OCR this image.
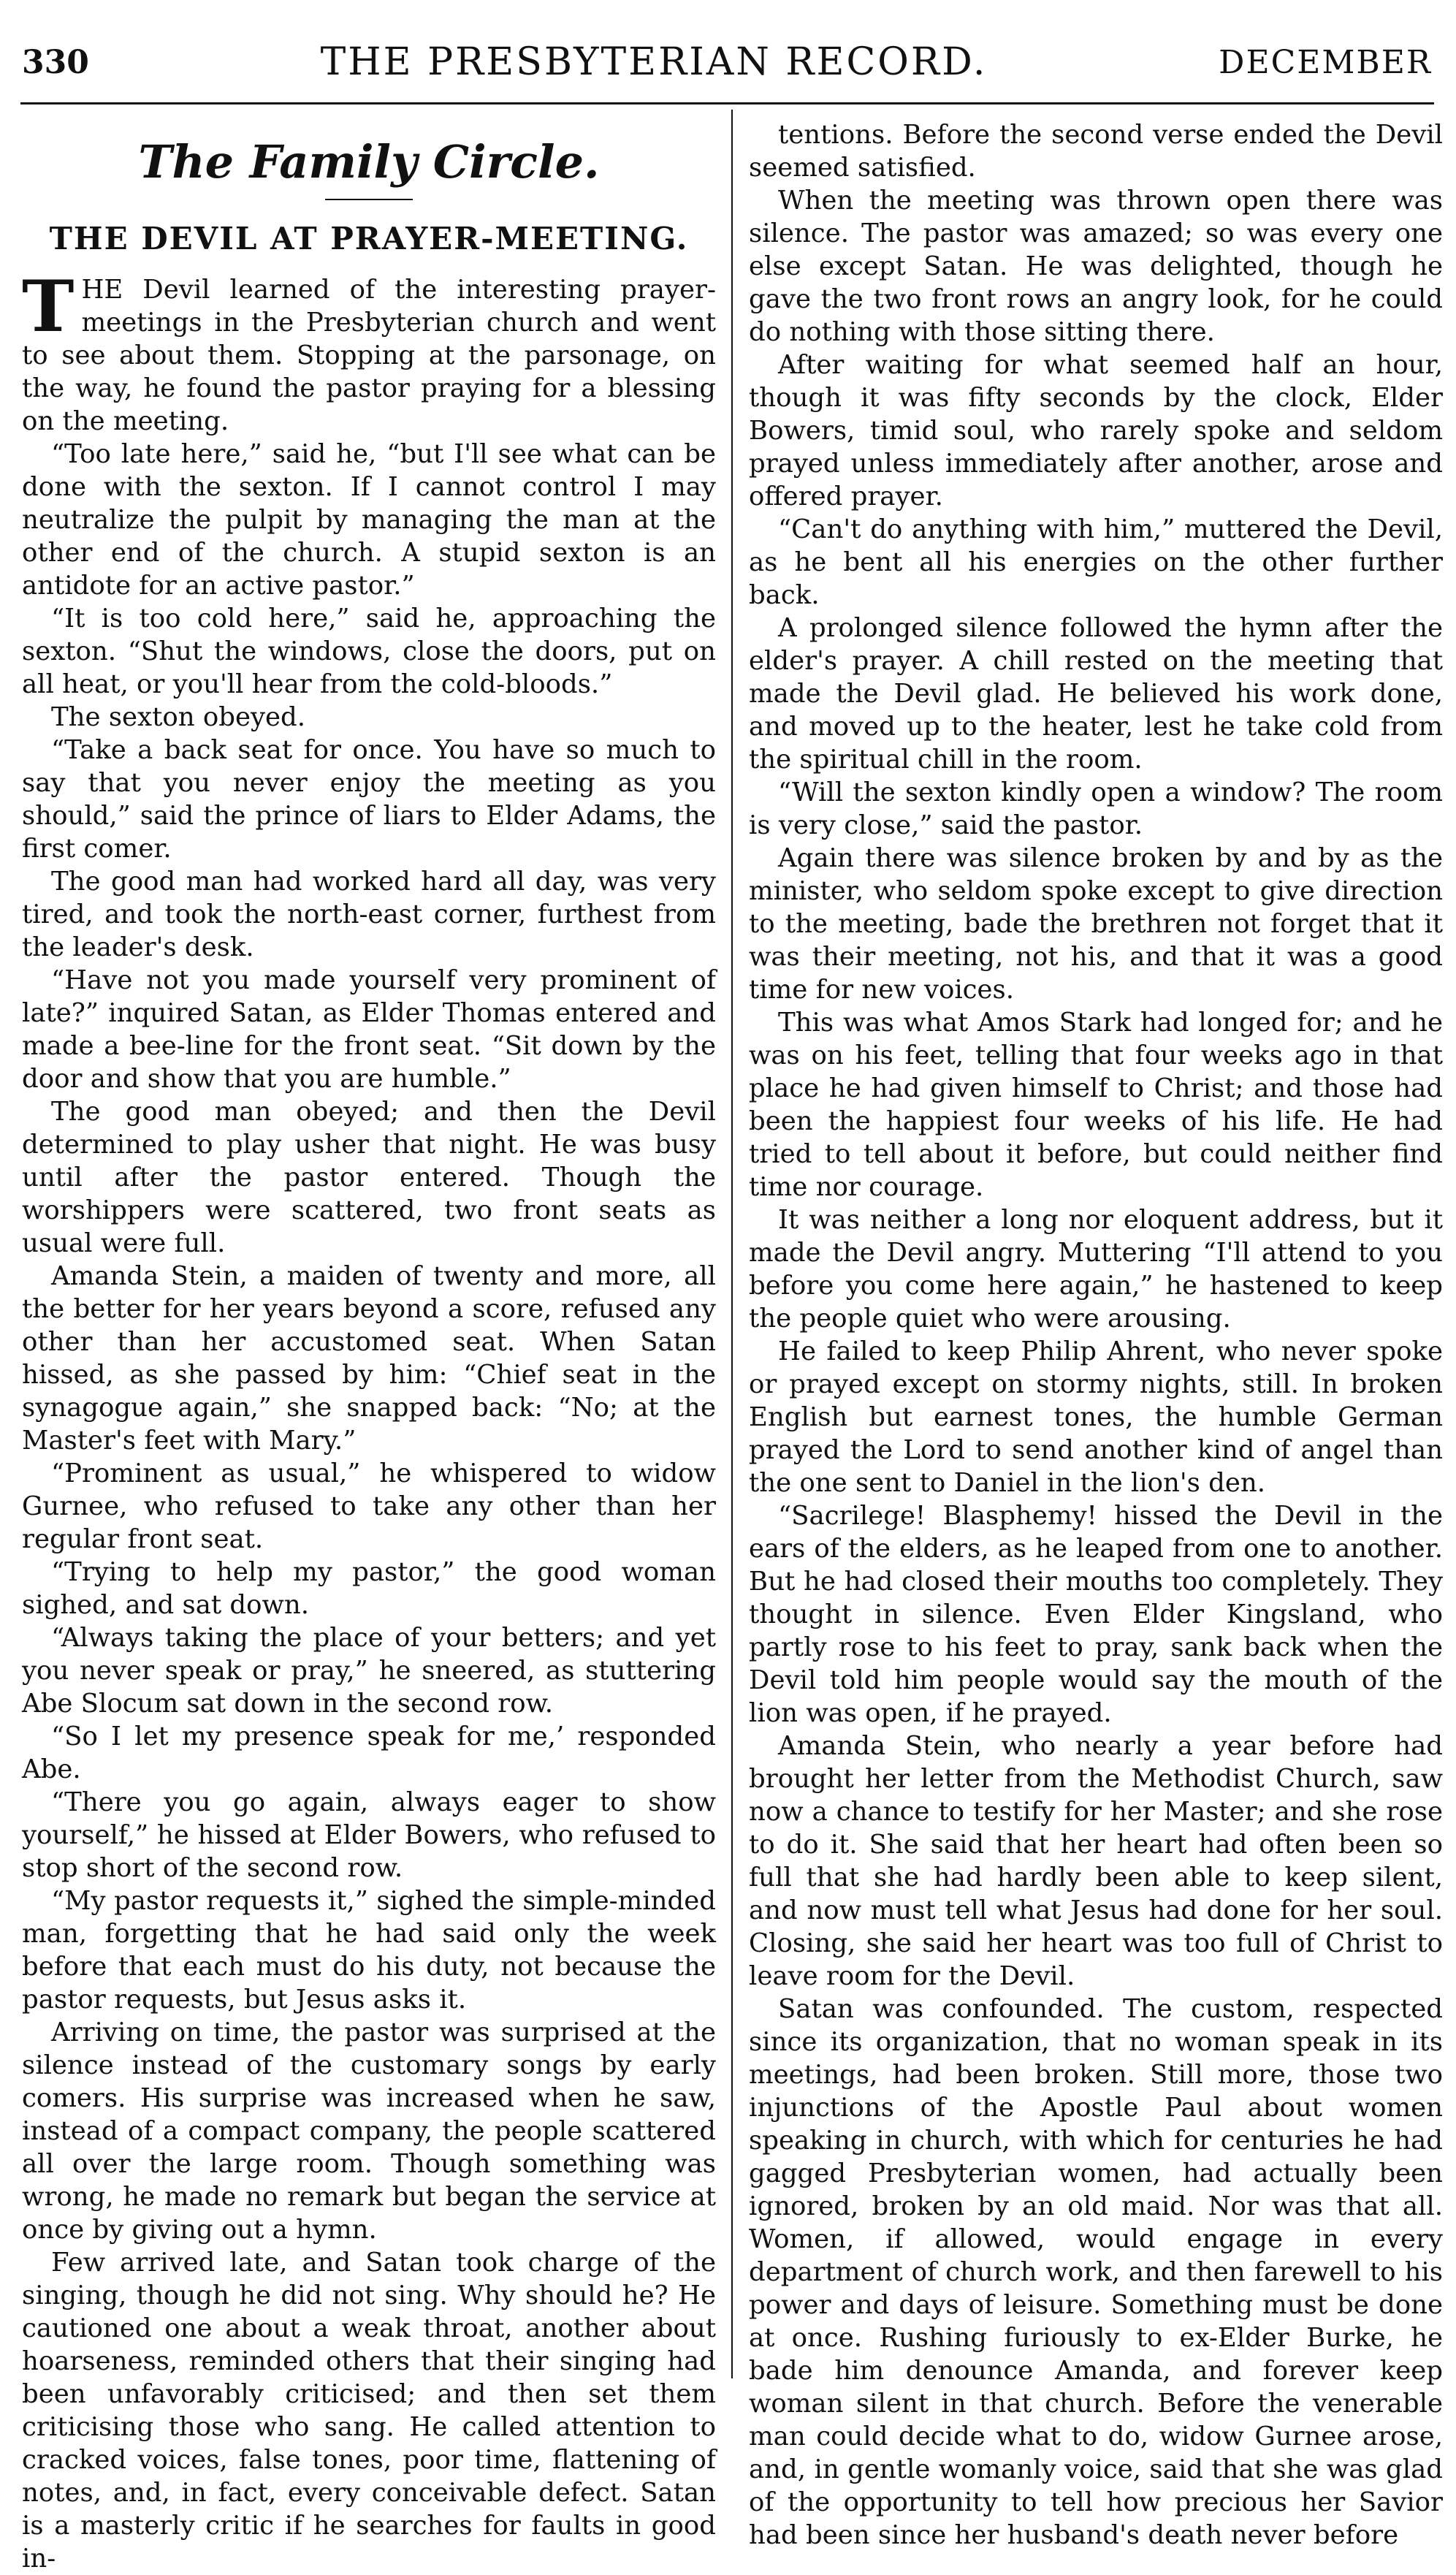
330	THE PRESBYTERIAN RECORD.	DECEMBER
The Family Circle.
THE DEVIL AT PRAYER-MEETING.

THE Devil learned of the interesting prayer-meetings in the Presbyterian church and went to see about them. Stopping at the parsonage, on the way, he found the pastor praying for a blessing on the meeting.

“Too late here,” said he, “but I'll see what can be done with the sexton. If I cannot control I may neutralize the pulpit by managing the man at the other end of the church. A stupid sexton is an antidote for an active pastor.”

“It is too cold here,” said he, approaching the sexton. “Shut the windows, close the doors, put on all heat, or you'll hear from the cold-bloods.”

The sexton obeyed.

“Take a back seat for once. You have so much to say that you never enjoy the meeting as you should,” said the prince of liars to Elder Adams, the first comer.

The good man had worked hard all day, was very tired, and took the north-east corner, furthest from the leader's desk.

“Have not you made yourself very prominent of late?” inquired Satan, as Elder Thomas entered and made a bee-line for the front seat. “Sit down by the door and show that you are humble.”

The good man obeyed; and then the Devil determined to play usher that night. He was busy until after the pastor entered. Though the worshippers were scattered, two front seats as usual were full.

Amanda Stein, a maiden of twenty and more, all the better for her years beyond a score, refused any other than her accustomed seat. When Satan hissed, as she passed by him: “Chief seat in the synagogue again,” she snapped back: “No; at the Master's feet with Mary.”

“Prominent as usual,” he whispered to widow Gurnee, who refused to take any other than her regular front seat.

“Trying to help my pastor,” the good woman sighed, and sat down.

“Always taking the place of your betters; and yet you never speak or pray,” he sneered, as stuttering Abe Slocum sat down in the second row.

“So I let my presence speak for me,’ responded Abe.

“There you go again, always eager to show yourself,” he hissed at Elder Bowers, who refused to stop short of the second row.

“My pastor requests it,” sighed the simple-minded man, forgetting that he had said only the week before that each must do his duty, not because the pastor requests, but Jesus asks it.

Arriving on time, the pastor was surprised at the silence instead of the customary songs by early comers. His surprise was increased when he saw, instead of a compact company, the people scattered all over the large room. Though something was wrong, he made no remark but began the service at once by giving out a hymn.

Few arrived late, and Satan took charge of the singing, though he did not sing. Why should he? He cautioned one about a weak throat, another about hoarseness, reminded others that their singing had been unfavorably criticised; and then set them criticising those who sang. He called attention to cracked voices, false tones, poor time, flattening of notes, and, in fact, every conceivable defect. Satan is a masterly critic if he searches for faults in good in-

tentions. Before the second verse ended the Devil seemed satisfied.

When the meeting was thrown open there was silence. The pastor was amazed; so was every one else except Satan. He was delighted, though he gave the two front rows an angry look, for he could do nothing with those sitting there.

After waiting for what seemed half an hour, though it was fifty seconds by the clock, Elder Bowers, timid soul, who rarely spoke and seldom prayed unless immediately after another, arose and offered prayer.

“Can't do anything with him,” muttered the Devil, as he bent all his energies on the other further back.

A prolonged silence followed the hymn after the elder's prayer. A chill rested on the meeting that made the Devil glad. He believed his work done, and moved up to the heater, lest he take cold from the spiritual chill in the room.

“Will the sexton kindly open a window? The room is very close,” said the pastor.

Again there was silence broken by and by as the minister, who seldom spoke except to give direction to the meeting, bade the brethren not forget that it was their meeting, not his, and that it was a good time for new voices.

This was what Amos Stark had longed for; and he was on his feet, telling that four weeks ago in that place he had given himself to Christ; and those had been the happiest four weeks of his life. He had tried to tell about it before, but could neither find time nor courage.

It was neither a long nor eloquent address, but it made the Devil angry. Muttering “I'll attend to you before you come here again,” he hastened to keep the people quiet who were arousing.

He failed to keep Philip Ahrent, who never spoke or prayed except on stormy nights, still. In broken English but earnest tones, the humble German prayed the Lord to send another kind of angel than the one sent to Daniel in the lion's den.

“Sacrilege! Blasphemy! hissed the Devil in the ears of the elders, as he leaped from one to another. But he had closed their mouths too completely. They thought in silence. Even Elder Kingsland, who partly rose to his feet to pray, sank back when the Devil told him people would say the mouth of the lion was open, if he prayed.

Amanda Stein, who nearly a year before had brought her letter from the Methodist Church, saw now a chance to testify for her Master; and she rose to do it. She said that her heart had often been so full that she had hardly been able to keep silent, and now must tell what Jesus had done for her soul. Closing, she said her heart was too full of Christ to leave room for the Devil.

Satan was confounded. The custom, respected since its organization, that no woman speak in its meetings, had been broken. Still more, those two injunctions of the Apostle Paul about women speaking in church, with which for centuries he had gagged Presbyterian women, had actually been ignored, broken by an old maid. Nor was that all. Women, if allowed, would engage in every department of church work, and then farewell to his power and days of leisure. Something must be done at once. Rushing furiously to ex-Elder Burke, he bade him denounce Amanda, and forever keep woman silent in that church. Before the venerable man could decide what to do, widow Gurnee arose, and, in gentle womanly voice, said that she was glad of the opportunity to tell how precious her Savior had been since her husband's death never before
